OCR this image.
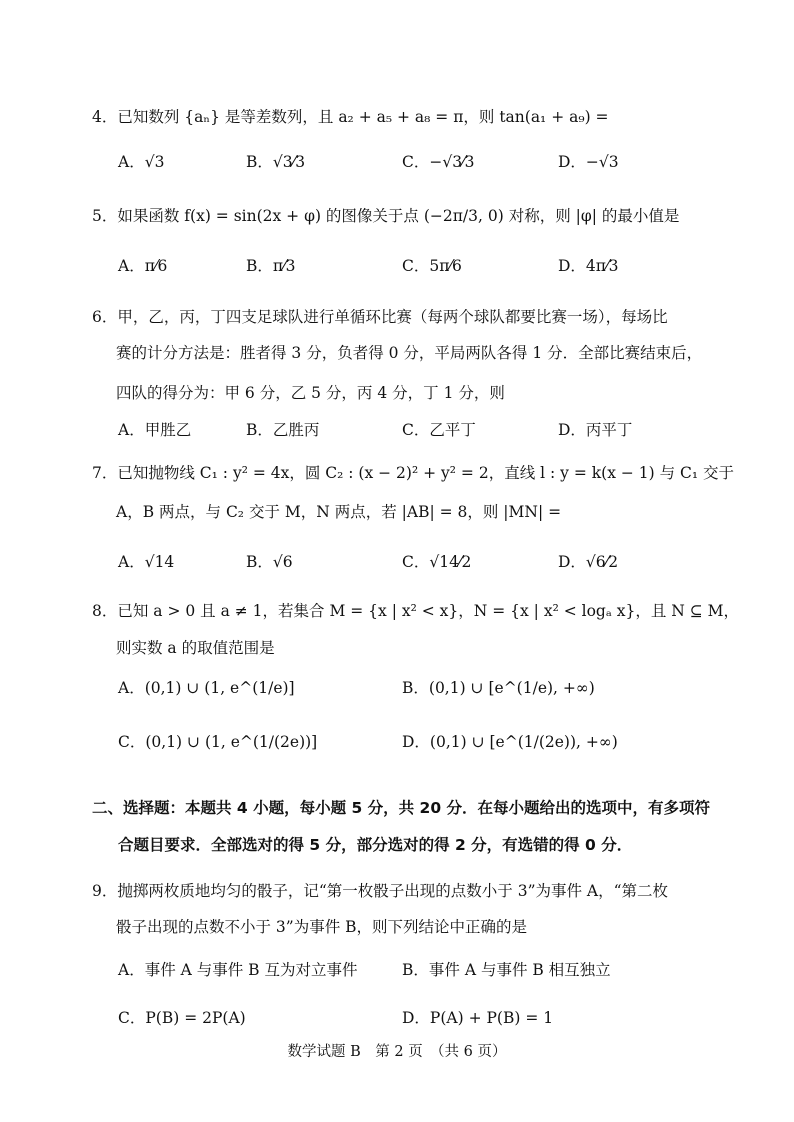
4．已知数列 {aₙ} 是等差数列，且 a₂ + a₅ + a₈ = π，则 tan(a₁ + a₉) =
A．√3	B．√3⁄3	C．−√3⁄3	D．−√3
5．如果函数 f(x) = sin(2x + φ) 的图像关于点 (−2π/3, 0) 对称，则 |φ| 的最小值是
A．π⁄6	B．π⁄3	C．5π⁄6	D．4π⁄3
6．甲，乙，丙，丁四支足球队进行单循环比赛（每两个球队都要比赛一场），每场比
赛的计分方法是：胜者得 3 分，负者得 0 分，平局两队各得 1 分．全部比赛结束后，
四队的得分为：甲 6 分，乙 5 分，丙 4 分，丁 1 分，则
A．甲胜乙	B．乙胜丙	C．乙平丁	D．丙平丁
7．已知抛物线 C₁ : y² = 4x，圆 C₂ : (x − 2)² + y² = 2，直线 l : y = k(x − 1) 与 C₁ 交于
A，B 两点，与 C₂ 交于 M，N 两点，若 |AB| = 8，则 |MN| =
A．√14	B．√6	C．√14⁄2	D．√6⁄2
8．已知 a > 0 且 a ≠ 1，若集合 M = {x | x² < x}，N = {x | x² < logₐ x}，且 N ⊆ M，
则实数 a 的取值范围是
A．(0,1) ∪ (1, e^(1/e)]	B．(0,1) ∪ [e^(1/e), +∞)
C．(0,1) ∪ (1, e^(1/(2e))]	D．(0,1) ∪ [e^(1/(2e)), +∞)
二、选择题：本题共 4 小题，每小题 5 分，共 20 分．在每小题给出的选项中，有多项符
合题目要求．全部选对的得 5 分，部分选对的得 2 分，有选错的得 0 分．
9．抛掷两枚质地均匀的骰子，记“第一枚骰子出现的点数小于 3”为事件 A，“第二枚
骰子出现的点数不小于 3”为事件 B，则下列结论中正确的是
A．事件 A 与事件 B 互为对立事件	B．事件 A 与事件 B 相互独立
C．P(B) = 2P(A)	D．P(A) + P(B) = 1
数学试题 B　第 2 页　（共 6 页）
